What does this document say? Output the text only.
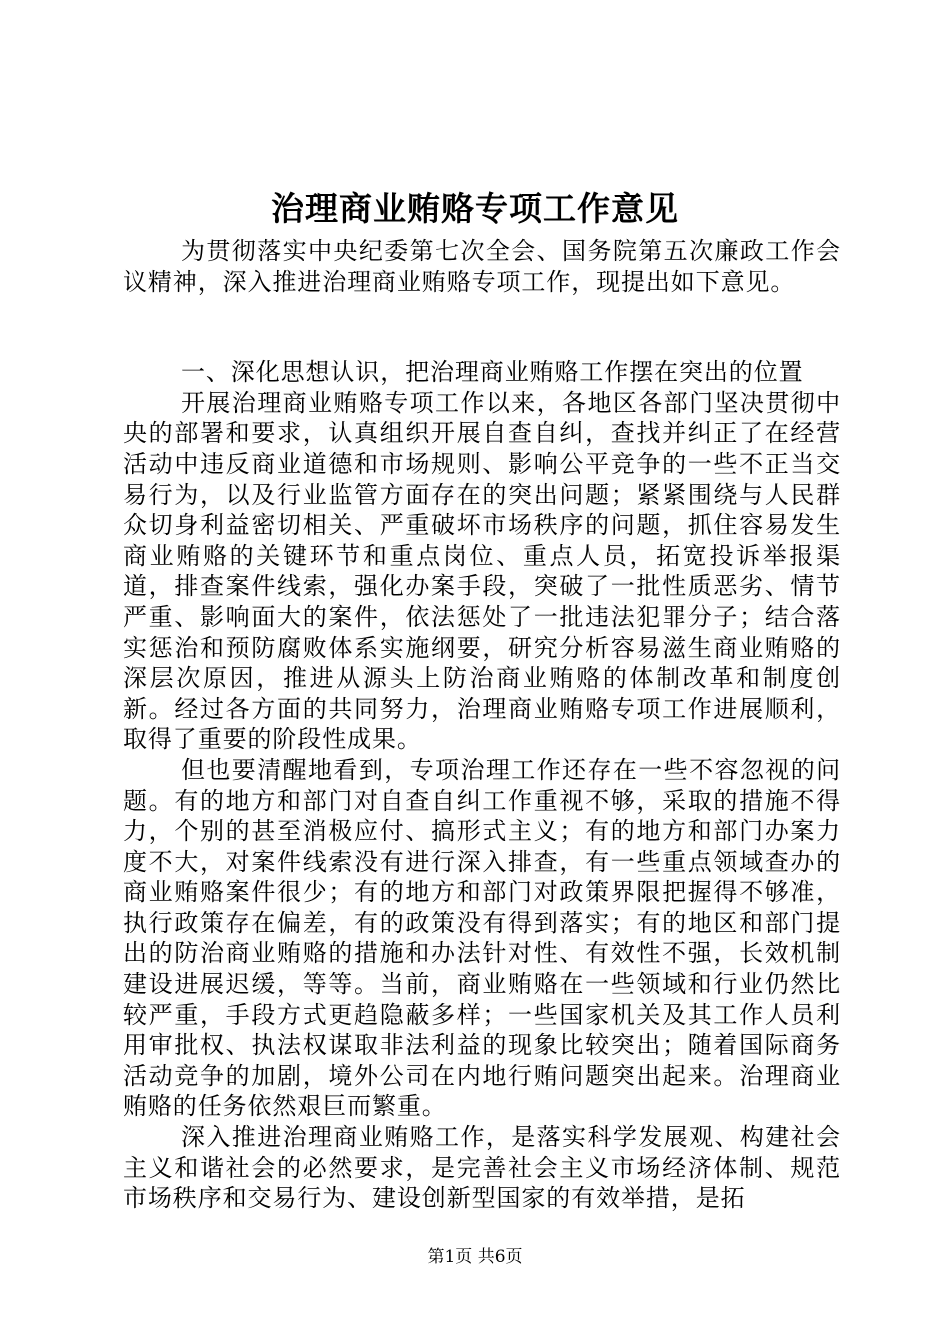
治理商业贿赂专项工作意见

为贯彻落实中央纪委第七次全会、国务院第五次廉政工作会议精神，深入推进治理商业贿赂专项工作，现提出如下意见。

一、深化思想认识，把治理商业贿赂工作摆在突出的位置

开展治理商业贿赂专项工作以来，各地区各部门坚决贯彻中央的部署和要求，认真组织开展自查自纠，查找并纠正了在经营活动中违反商业道德和市场规则、影响公平竞争的一些不正当交易行为，以及行业监管方面存在的突出问题；紧紧围绕与人民群众切身利益密切相关、严重破坏市场秩序的问题，抓住容易发生商业贿赂的关键环节和重点岗位、重点人员，拓宽投诉举报渠道，排查案件线索，强化办案手段，突破了一批性质恶劣、情节严重、影响面大的案件，依法惩处了一批违法犯罪分子；结合落实惩治和预防腐败体系实施纲要，研究分析容易滋生商业贿赂的深层次原因，推进从源头上防治商业贿赂的体制改革和制度创新。经过各方面的共同努力，治理商业贿赂专项工作进展顺利，取得了重要的阶段性成果。

但也要清醒地看到，专项治理工作还存在一些不容忽视的问题。有的地方和部门对自查自纠工作重视不够，采取的措施不得力，个别的甚至消极应付、搞形式主义；有的地方和部门办案力度不大，对案件线索没有进行深入排查，有一些重点领域查办的商业贿赂案件很少；有的地方和部门对政策界限把握得不够准，执行政策存在偏差，有的政策没有得到落实；有的地区和部门提出的防治商业贿赂的措施和办法针对性、有效性不强，长效机制建设进展迟缓，等等。当前，商业贿赂在一些领域和行业仍然比较严重，手段方式更趋隐蔽多样；一些国家机关及其工作人员利用审批权、执法权谋取非法利益的现象比较突出；随着国际商务活动竞争的加剧，境外公司在内地行贿问题突出起来。治理商业贿赂的任务依然艰巨而繁重。

深入推进治理商业贿赂工作，是落实科学发展观、构建社会主义和谐社会的必然要求，是完善社会主义市场经济体制、规范市场秩序和交易行为、建设创新型国家的有效举措，是拓

第1页 共6页
